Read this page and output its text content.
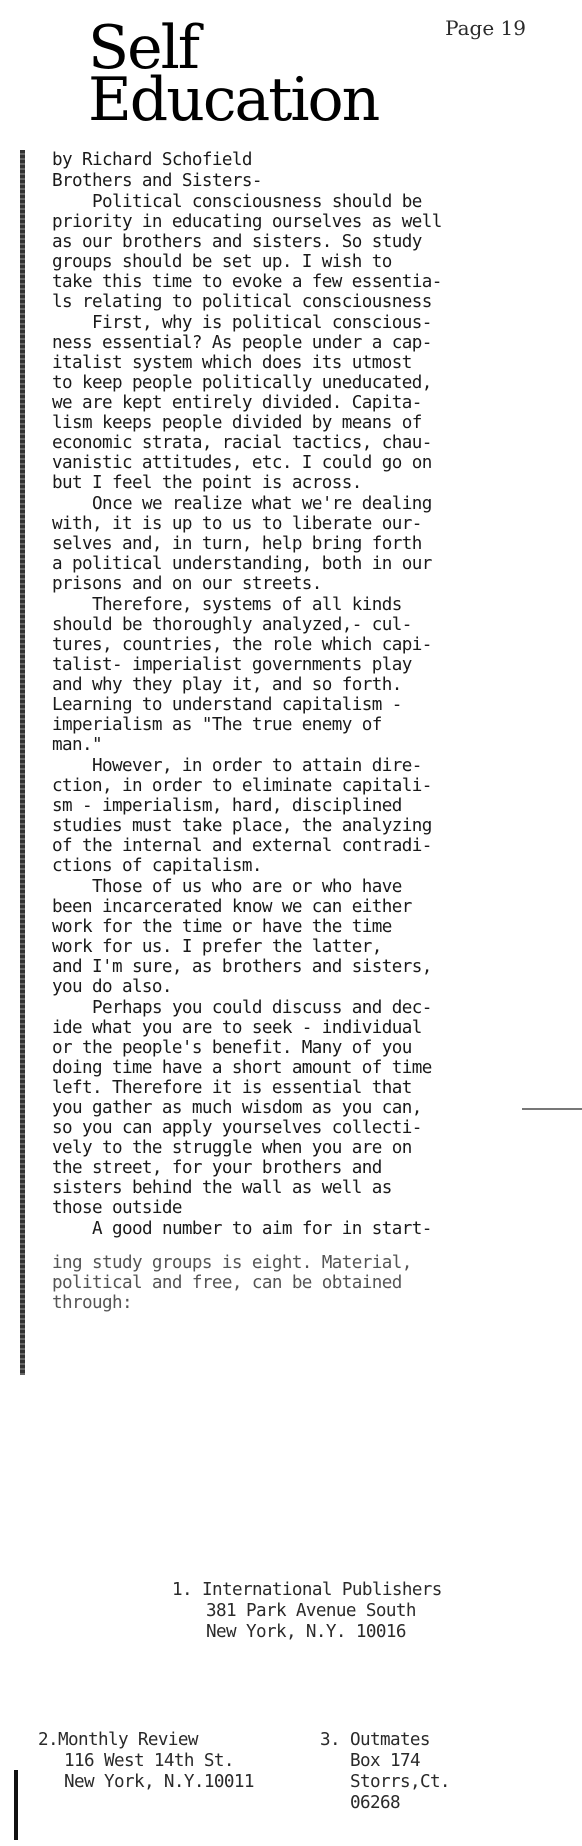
Page 19
Self
Education

by Richard Schofield

Brothers and Sisters-

Political consciousness should be
priority in educating ourselves as well
as our brothers and sisters. So study
groups should be set up. I wish to
take this time to evoke a few essentia-
ls relating to political consciousness

First, why is political conscious-
ness essential? As people under a cap-
italist system which does its utmost
to keep people politically uneducated,
we are kept entirely divided. Capita-
lism keeps people divided by means of
economic strata, racial tactics, chau-
vanistic attitudes, etc. I could go on
but I feel the point is across.

Once we realize what we're dealing
with, it is up to us to liberate our-
selves and, in turn, help bring forth
a political understanding, both in our
prisons and on our streets.

Therefore, systems of all kinds
should be thoroughly analyzed,- cul-
tures, countries, the role which capi-
talist- imperialist governments play
and why they play it, and so forth.
Learning to understand capitalism -
imperialism as "The true enemy of
man."

However, in order to attain dire-
ction, in order to eliminate capitali-
sm - imperialism, hard, disciplined
studies must take place, the analyzing
of the internal and external contradi-
ctions of capitalism.

Those of us who are or who have
been incarcerated know we can either
work for the time or have the time
work for us. I prefer the latter,
and I'm sure, as brothers and sisters,
you do also.

Perhaps you could discuss and dec-
ide what you are to seek - individual
or the people's benefit. Many of you
doing time have a short amount of time
left. Therefore it is essential that
you gather as much wisdom as you can,
so you can apply yourselves collecti-
vely to the struggle when you are on
the street, for your brothers and
sisters behind the wall as well as
those outside

A good number to aim for in start-

ing study groups is eight. Material,
political and free, can be obtained
through:

1. International Publishers
381 Park Avenue South
New York, N.Y. 10016
2.Monthly Review
116 West 14th St.
New York, N.Y.10011
3. Outmates
Box 174
Storrs,Ct.
06268
